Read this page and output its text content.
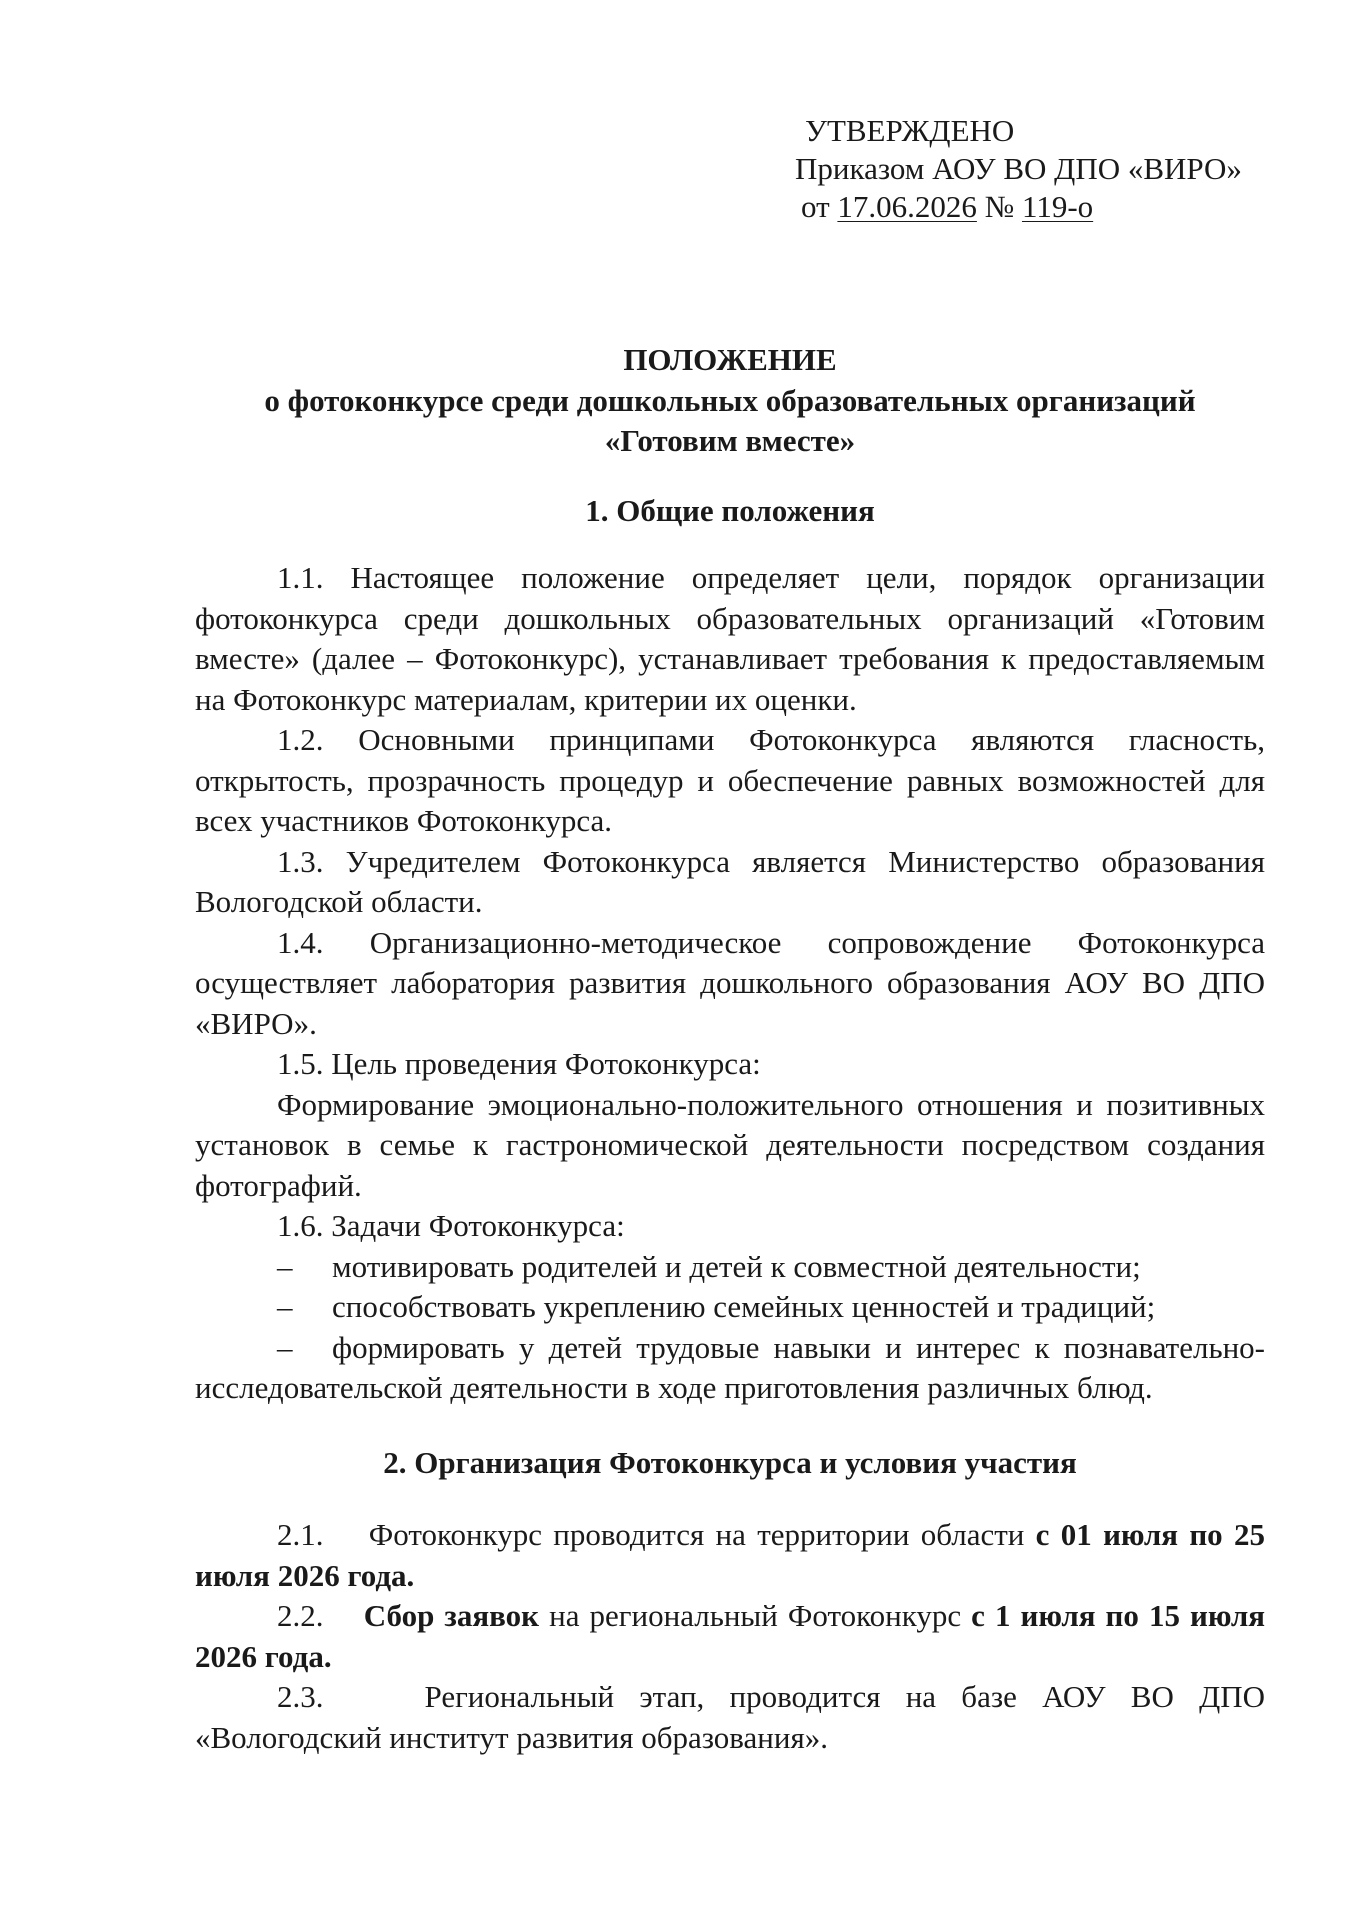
УТВЕРЖДЕНО
Приказом АОУ ВО ДПО «ВИРО»
от 17.06.2026 № 119-о
ПОЛОЖЕНИЕ
о фотоконкурсе среди дошкольных образовательных организаций
«Готовим вместе»
1. Общие положения

1.1. Настоящее положение определяет цели, порядок организации фотоконкурса среди дошкольных образовательных организаций «Готовим вместе» (далее – Фотоконкурс), устанавливает требования к предоставляемым на Фотоконкурс материалам, критерии их оценки.

1.2. Основными принципами Фотоконкурса являются гласность, открытость, прозрачность процедур и обеспечение равных возможностей для всех участников Фотоконкурса.

1.3. Учредителем Фотоконкурса является Министерство образования Вологодской области.

1.4. Организационно-методическое сопровождение Фотоконкурса осуществляет лаборатория развития дошкольного образования АОУ ВО ДПО «ВИРО».

1.5. Цель проведения Фотоконкурса:

Формирование эмоционально-положительного отношения и позитивных установок в семье к гастрономической деятельности посредством создания фотографий.

1.6. Задачи Фотоконкурса:

– мотивировать родителей и детей к совместной деятельности;

– способствовать укреплению семейных ценностей и традиций;

– формировать у детей трудовые навыки и интерес к познавательно-исследовательской деятельности в ходе приготовления различных блюд.

2. Организация Фотоконкурса и условия участия

2.1. Фотоконкурс проводится на территории области с 01 июля по 25 июля 2026 года.

2.2. Сбор заявок на региональный Фотоконкурс с 1 июля по 15 июля 2026 года.

2.3.	Региональный этап, проводится на базе АОУ ВО ДПО «Вологодский институт развития образования».
